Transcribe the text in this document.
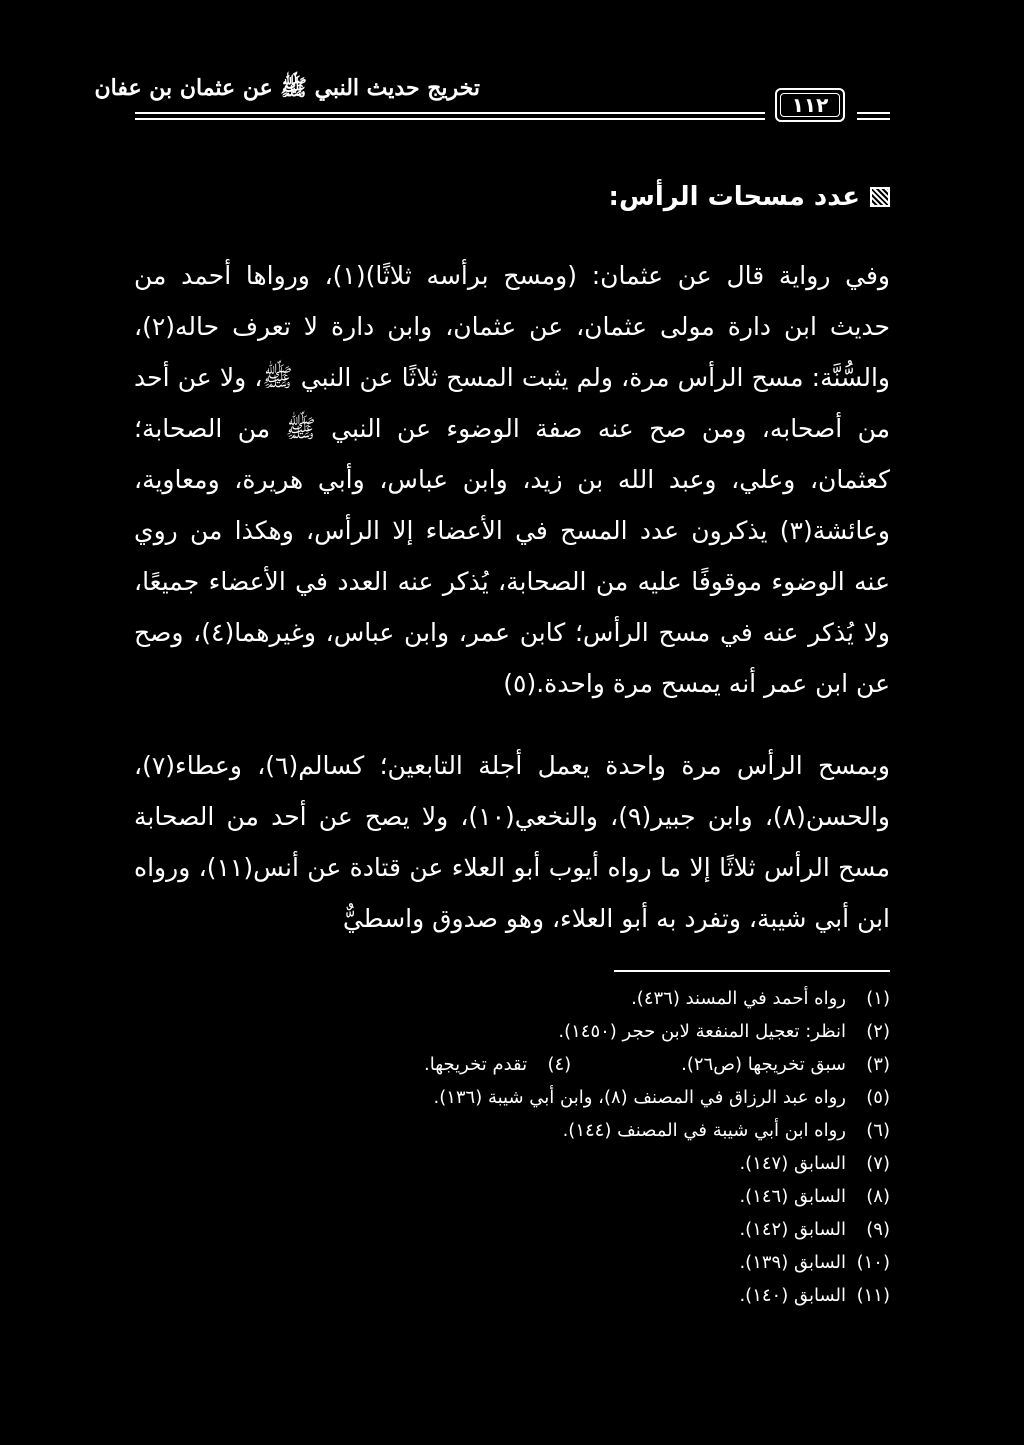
تخريج حديث النبي ﷺ عن عثمان بن عفان
١١٢
عدد مسحات الرأس:
وفي رواية قال عن عثمان: (ومسح برأسه ثلاثًا)(١)، ورواها أحمد من حديث ابن دارة مولى عثمان، عن عثمان، وابن دارة لا تعرف حاله(٢)، والسُّنَّة: مسح الرأس مرة، ولم يثبت المسح ثلاثًا عن النبي ﷺ، ولا عن أحد من أصحابه، ومن صح عنه صفة الوضوء عن النبي ﷺ من الصحابة؛ كعثمان، وعلي، وعبد الله بن زيد، وابن عباس، وأبي هريرة، ومعاوية، وعائشة(٣) يذكرون عدد المسح في الأعضاء إلا الرأس، وهكذا من روي عنه الوضوء موقوفًا عليه من الصحابة، يُذكر عنه العدد في الأعضاء جميعًا، ولا يُذكر عنه في مسح الرأس؛ كابن عمر، وابن عباس، وغيرهما(٤)، وصح عن ابن عمر أنه يمسح مرة واحدة.(٥)
وبمسح الرأس مرة واحدة يعمل أجلة التابعين؛ كسالم(٦)، وعطاء(٧)، والحسن(٨)، وابن جبير(٩)، والنخعي(١٠)، ولا يصح عن أحد من الصحابة مسح الرأس ثلاثًا إلا ما رواه أيوب أبو العلاء عن قتادة عن أنس(١١)، ورواه ابن أبي شيبة، وتفرد به أبو العلاء، وهو صدوق واسطيٌّ
(١)
رواه أحمد في المسند (٤٣٦).
(٢)
انظر: تعجيل المنفعة لابن حجر (١٤٥٠).
(٣)
سبق تخريجها (ص٢٦).
(٤)
تقدم تخريجها.
(٥)
رواه عبد الرزاق في المصنف (٨)، وابن أبي شيبة (١٣٦).
(٦)
رواه ابن أبي شيبة في المصنف (١٤٤).
(٧)
السابق (١٤٧).
(٨)
السابق (١٤٦).
(٩)
السابق (١٤٢).
(١٠)
السابق (١٣٩).
(١١)
السابق (١٤٠).
